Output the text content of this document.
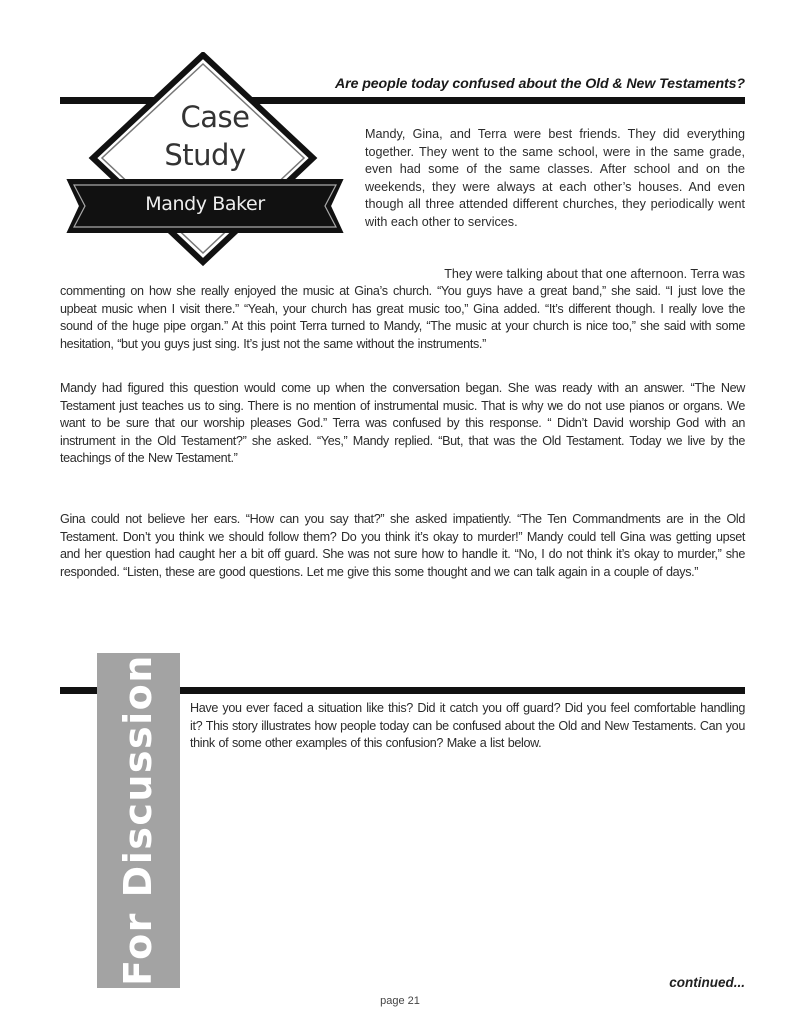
Are people today confused about the Old & New Testaments?
Case
Study
Mandy Baker
Mandy, Gina, and Terra were best friends. They did everything together. They went to the same school, were in the same grade, even had some of the same classes. After school and on the weekends, they were always at each other’s houses. And even though all three attended different churches, they periodically went with each other to services.
They were talking about that one afternoon. Terra was
commenting on how she really enjoyed the music at Gina’s church. “You guys have a great band,” she said. “I just love the upbeat music when I visit there.” “Yeah, your church has great music too,” Gina added. “It’s different though. I really love the sound of the huge pipe organ.” At this point Terra turned to Mandy, “The music at your church is nice too,” she said with some hesitation, “but you guys just sing. It’s just not the same without the instruments.”
Mandy had figured this question would come up when the conversation began. She was ready with an answer. “The New Testament just teaches us to sing. There is no mention of instrumental music. That is why we do not use pianos or organs. We want to be sure that our worship pleases God.” Terra was confused by this response. “ Didn’t David worship God with an instrument in the Old Testament?” she asked. “Yes,” Mandy replied. “But, that was the Old Testament. Today we live by the teachings of the New Testament.”
Gina could not believe her ears. “How can you say that?” she asked impatiently. “The Ten Commandments are in the Old Testament. Don’t you think we should follow them? Do you think it’s okay to murder!” Mandy could tell Gina was getting upset and her question had caught her a bit off guard. She was not sure how to handle it. “No, I do not think it’s okay to murder,” she responded. “Listen, these are good questions. Let me give this some thought and we can talk again in a couple of days.”
For Discussion Have you ever faced a situation like this? Did it catch you off guard? Did you feel comfortable handling it? This story illustrates how people today can be confused about the Old and New Testaments. Can you think of some other examples of this confusion? Make a list below.
continued...
page 21
